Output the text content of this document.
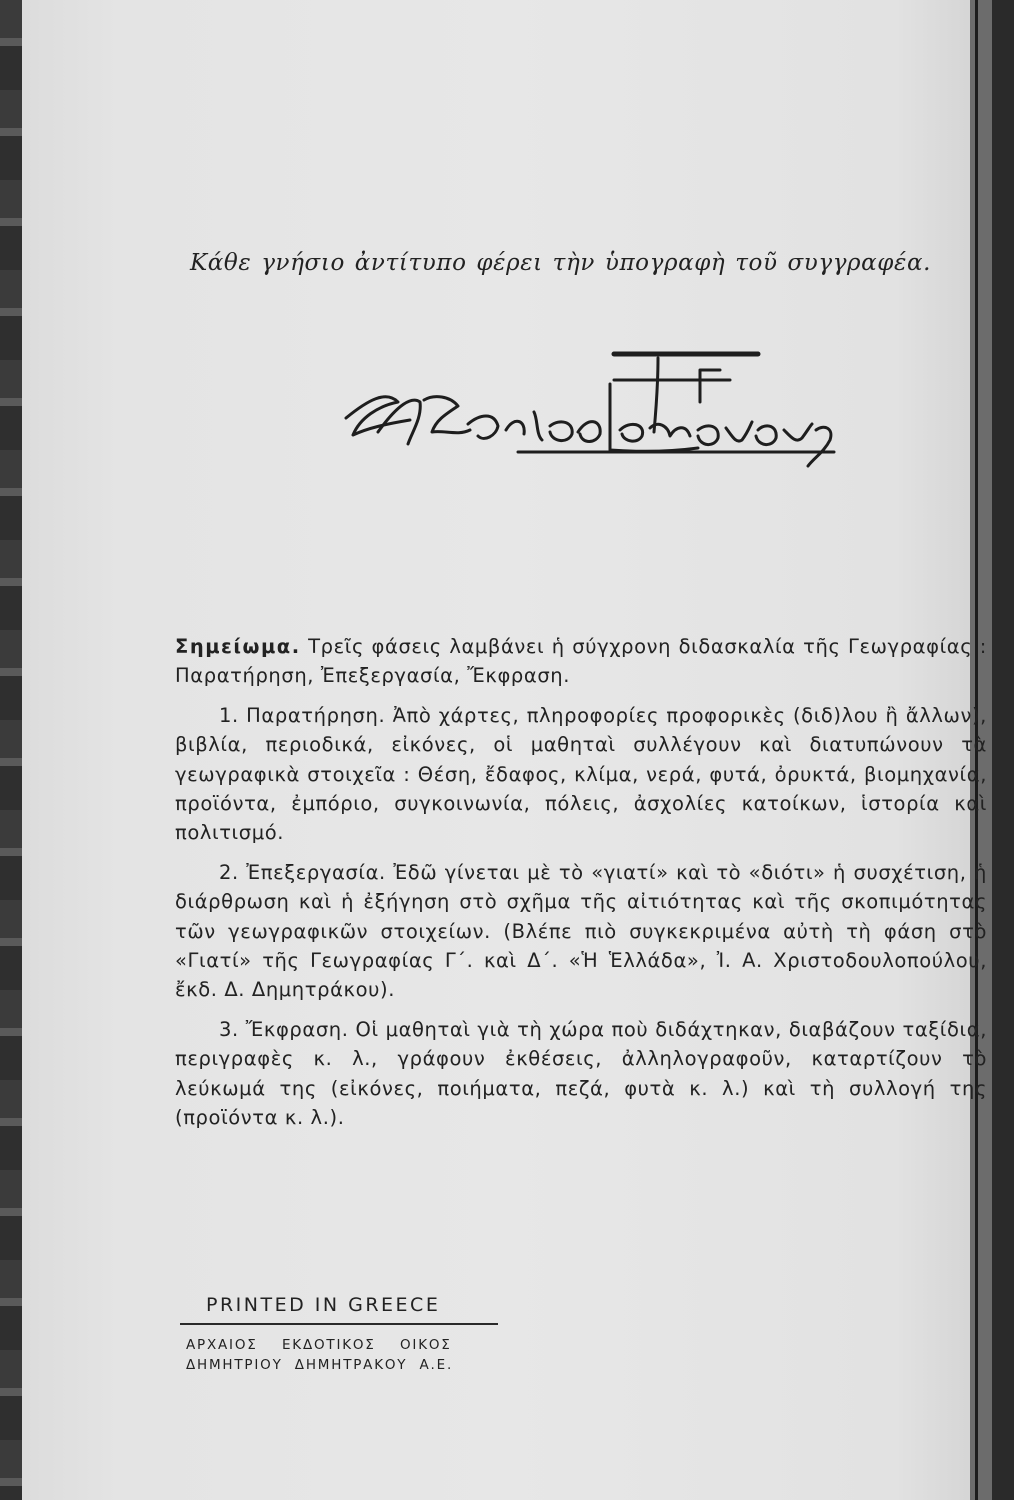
Κάθε γνήσιο ἀντίτυπο φέρει τὴν ὑπογραφὴ τοῦ συγγραφέα.

Σημείωμα. Τρεῖς φάσεις λαμβάνει ἡ σύγχρονη διδασκαλία τῆς Γεωγραφίας : Παρατήρηση, Ἐπεξεργασία, Ἔκφραση.

1. Παρατήρηση. Ἀπὸ χάρτες, πληροφορίες προφορικὲς (διδ)λου ἢ ἄλλων), βιβλία, περιοδικά, εἰκόνες, οἱ μαθηταὶ συλλέγουν καὶ διατυπώνουν τὰ γεωγραφικὰ στοιχεῖα : Θέση, ἔδαφος, κλίμα, νερά, φυτά, ὀρυκτά, βιομηχανία, προϊόντα, ἐμπόριο, συγκοινωνία, πόλεις, ἀσχολίες κατοίκων, ἱστορία καὶ πολιτισμό.

2. Ἐπεξεργασία. Ἐδῶ γίνεται μὲ τὸ «γιατί» καὶ τὸ «διότι» ἡ συσχέτιση, ἡ διάρθρωση καὶ ἡ ἐξήγηση στὸ σχῆμα τῆς αἰτιότητας καὶ τῆς σκοπιμότητας τῶν γεωγραφικῶν στοιχείων. (Βλέπε πιὸ συγκεκριμένα αὐτὴ τὴ φάση στὸ «Γιατί» τῆς Γεωγραφίας Γ΄. καὶ Δ΄. «Ἡ Ἑλλάδα», Ἰ. Α. Χριστοδουλοπούλου, ἔκδ. Δ. Δημητράκου).

3. Ἔκφραση. Οἱ μαθηταὶ γιὰ τὴ χώρα ποὺ διδάχτηκαν, διαβάζουν ταξίδια, περιγραφὲς κ. λ., γράφουν ἐκθέσεις, ἀλληλογραφοῦν, καταρτίζουν τὸ λεύκωμά της (εἰκόνες, ποιήματα, πεζά, φυτὰ κ. λ.) καὶ τὴ συλλογή της (προϊόντα κ. λ.).

PRINTED IN GREECE
ΑΡΧΑΙΟΣ    ΕΚΔΟΤΙΚΟΣ    ΟΙΚΟΣ
ΔΗΜΗΤΡΙΟΥ  ΔΗΜΗΤΡΑΚΟΥ  Α.Ε.
